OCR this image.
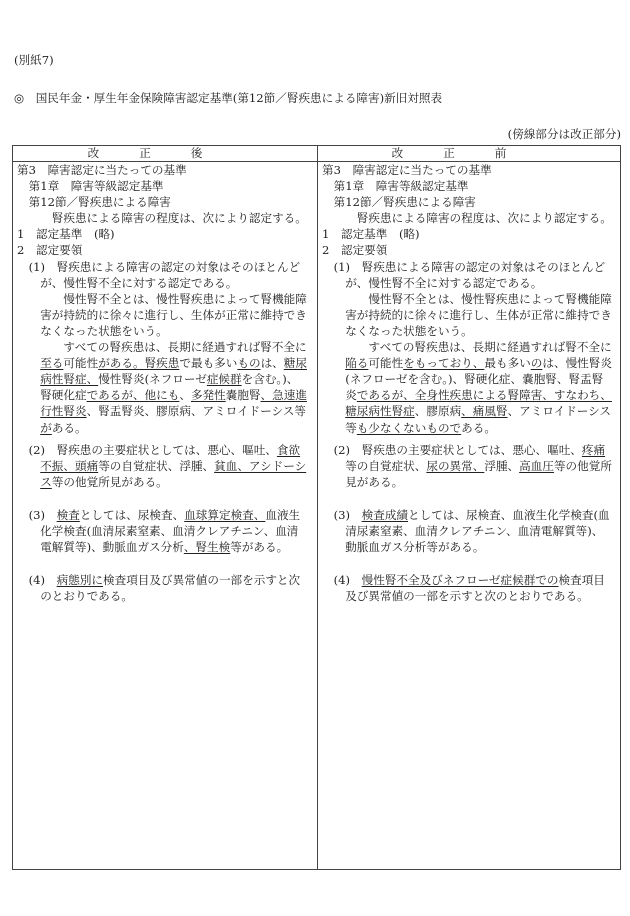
(別紙7)
◎　国民年金・厚生年金保険障害認定基準(第12節／腎疾患による障害)新旧対照表
(傍線部分は改正部分)
改正後	改正前
第3　障害認定に当たっての基準
　第1章　障害等級認定基準
　第12節／腎疾患による障害
　　　腎疾患による障害の程度は、次により認定する。
1　認定基準　(略)
2　認定要領
　(1)　腎疾患による障害の認定の対象はそのほとんど
　　が、慢性腎不全に対する認定である。
　　　　慢性腎不全とは、慢性腎疾患によって腎機能障
　　害が持続的に徐々に進行し、生体が正常に維持でき
　　なくなった状態をいう。
　　　　すべての腎疾患は、長期に経過すれば腎不全に
　　至る可能性がある。腎疾患で最も多いものは、糖尿
　　病性腎症、慢性腎炎(ネフローゼ症候群を含む。)、
　　腎硬化症であるが、他にも、多発性嚢胞腎、急速進
　　行性腎炎、腎盂腎炎、膠原病、アミロイドーシス等
　　がある。
　(2)　腎疾患の主要症状としては、悪心、嘔吐、食欲
　　不振、頭痛等の自覚症状、浮腫、貧血、アシドーシ
　　ス等の他覚所見がある。
　(3)　検査としては、尿検査、血球算定検査、血液生
　　化学検査(血清尿素窒素、血清クレアチニン、血清
　　電解質等)、動脈血ガス分析、腎生検等がある。
　(4)　病態別に検査項目及び異常値の一部を示すと次
　　のとおりである。
第3　障害認定に当たっての基準
　第1章　障害等級認定基準
　第12節／腎疾患による障害
　　　腎疾患による障害の程度は、次により認定する。
1　認定基準　(略)
2　認定要領
　(1)　腎疾患による障害の認定の対象はそのほとんど
　　が、慢性腎不全に対する認定である。
　　　　慢性腎不全とは、慢性腎疾患によって腎機能障
　　害が持続的に徐々に進行し、生体が正常に維持でき
　　なくなった状態をいう。
　　　　すべての腎疾患は、長期に経過すれば腎不全に
　　陥る可能性をもっており、最も多いのは、慢性腎炎
　　(ネフローゼを含む。)、腎硬化症、嚢胞腎、腎盂腎
　　炎であるが、全身性疾患による腎障害、すなわち、
　　糖尿病性腎症、膠原病、痛風腎、アミロイドーシス
　　等も少なくないものである。
　(2)　腎疾患の主要症状としては、悪心、嘔吐、疼痛
　　等の自覚症状、尿の異常、浮腫、高血圧等の他覚所
　　見がある。
　(3)　検査成績としては、尿検査、血液生化学検査(血
　　清尿素窒素、血清クレアチニン、血清電解質等)、
　　動脈血ガス分析等がある。
　(4)　慢性腎不全及びネフローゼ症候群での検査項目
　　及び異常値の一部を示すと次のとおりである。
